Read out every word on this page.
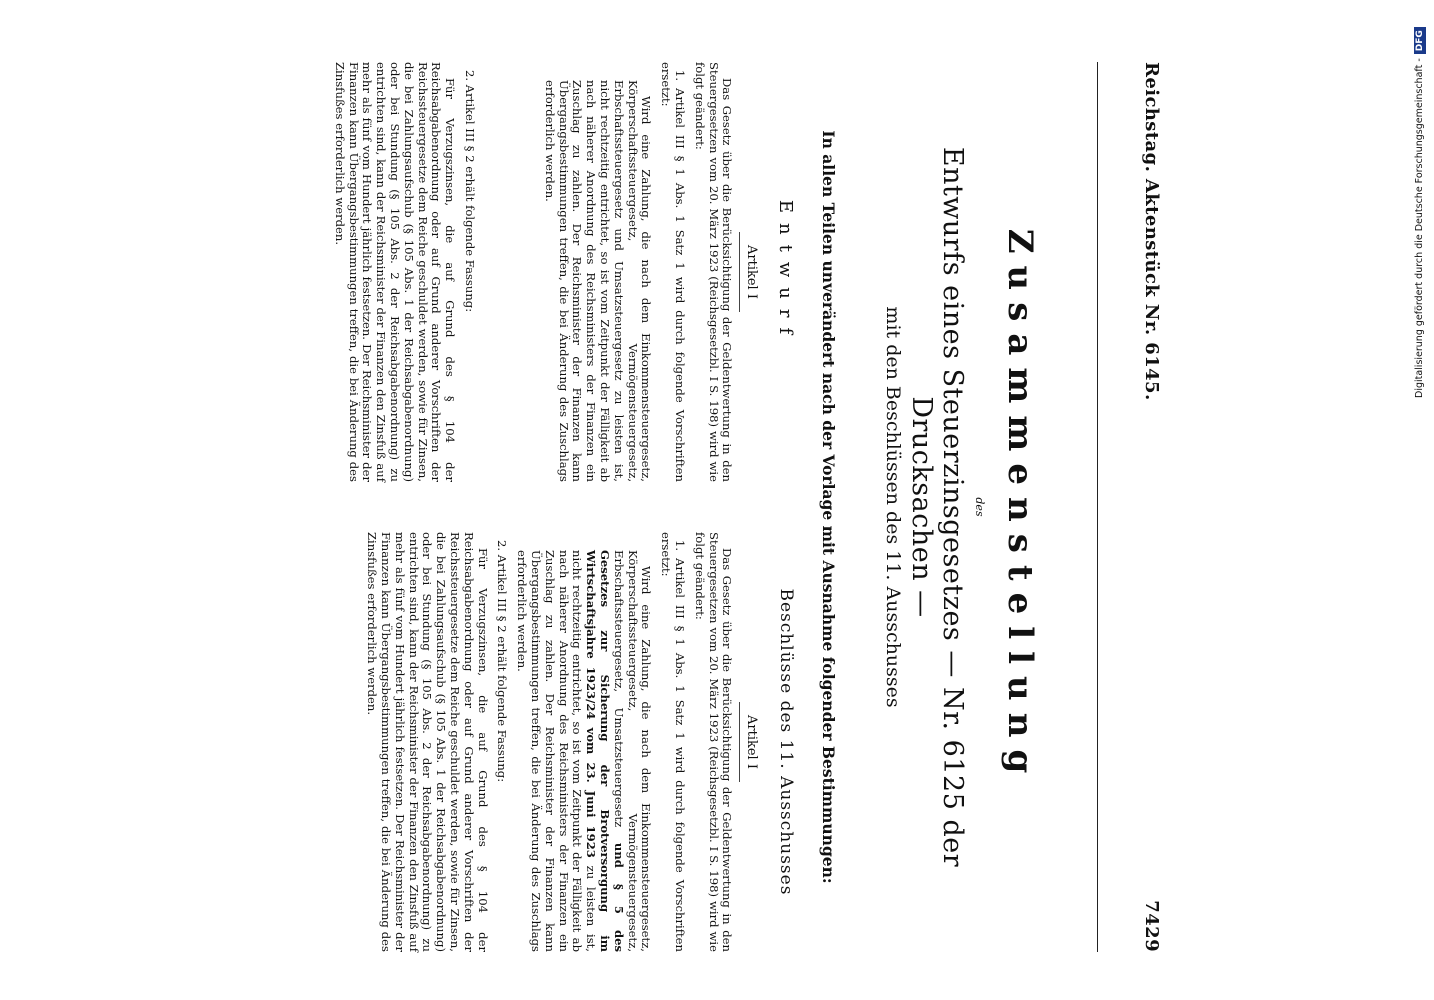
Reichstag. Aktenstück Nr. 6145.
7429
Zusammenstellung
des
Entwurfs eines Steuerzinsgesetzes — Nr. 6125 der Drucksachen —
mit den Beschlüssen des 11. Ausschusses
In allen Teilen unverändert nach der Vorlage mit Ausnahme folgender Bestimmungen:
Entwurf
Artikel I

Das Gesetz über die Berücksichtigung der Geldentwertung in den Steuergesetzen vom 20. März 1923 (Reichsgesetzbl. I S. 198) wird wie folgt geändert:

1. Artikel III § 1 Abs. 1 Satz 1 wird durch folgende Vorschriften ersetzt:

Wird eine Zahlung, die nach dem Einkommensteuergesetz, Körperschaftssteuergesetz, Vermögensteuergesetz, Erbschaftssteuergesetz und Umsatzsteuergesetz zu leisten ist, nicht rechtzeitig entrichtet, so ist vom Zeitpunkt der Fälligkeit ab nach näherer Anordnung des Reichsministers der Finanzen ein Zuschlag zu zahlen. Der Reichsminister der Finanzen kann Übergangsbestimmungen treffen, die bei Änderung des Zuschlags erforderlich werden.

2. Artikel III § 2 erhält folgende Fassung:

Für Verzugszinsen, die auf Grund des § 104 der Reichsabgabenordnung oder auf Grund anderer Vorschriften der Reichssteuergesetze dem Reiche geschuldet werden, sowie für Zinsen, die bei Zahlungsaufschub (§ 105 Abs. 1 der Reichsabgabenordnung) oder bei Stundung (§ 105 Abs. 2 der Reichsabgabenordnung) zu entrichten sind, kann der Reichsminister der Finanzen den Zinsfuß auf mehr als fünf vom Hundert jährlich festsetzen. Der Reichsminister der Finanzen kann Übergangsbestimmungen treffen, die bei Änderung des Zinsfußes erforderlich werden.

Beschlüsse des 11. Ausschusses
Artikel I

Das Gesetz über die Berücksichtigung der Geldentwertung in den Steuergesetzen vom 20. März 1923 (Reichsgesetzbl. I S. 198) wird wie folgt geändert:

1. Artikel III § 1 Abs. 1 Satz 1 wird durch folgende Vorschriften ersetzt:

Wird eine Zahlung, die nach dem Einkommensteuergesetz, Körperschaftssteuergesetz, Vermögensteuergesetz, Erbschaftssteuergesetz, Umsatzsteuergesetz und § 5 des Gesetzes zur Sicherung der Brotversorgung im Wirtschaftsjahre 1923/24 vom 23. Juni 1923 zu leisten ist, nicht rechtzeitig entrichtet, so ist vom Zeitpunkt der Fälligkeit ab nach näherer Anordnung des Reichsministers der Finanzen ein Zuschlag zu zahlen. Der Reichsminister der Finanzen kann Übergangsbestimmungen treffen, die bei Änderung des Zuschlags erforderlich werden.

2. Artikel III § 2 erhält folgende Fassung:

Für Verzugszinsen, die auf Grund des § 104 der Reichsabgabenordnung oder auf Grund anderer Vorschriften der Reichssteuergesetze dem Reiche geschuldet werden, sowie für Zinsen, die bei Zahlungsaufschub (§ 105 Abs. 1 der Reichsabgabenordnung) oder bei Stundung (§ 105 Abs. 2 der Reichsabgabenordnung) zu entrichten sind, kann der Reichsminister der Finanzen den Zinsfuß auf mehr als fünf vom Hundert jährlich festsetzen. Der Reichsminister der Finanzen kann Übergangsbestimmungen treffen, die bei Änderung des Zinsfußes erforderlich werden.

Digitalisierung gefördert durch die Deutsche Forschungsgemeinschaft -DFG
